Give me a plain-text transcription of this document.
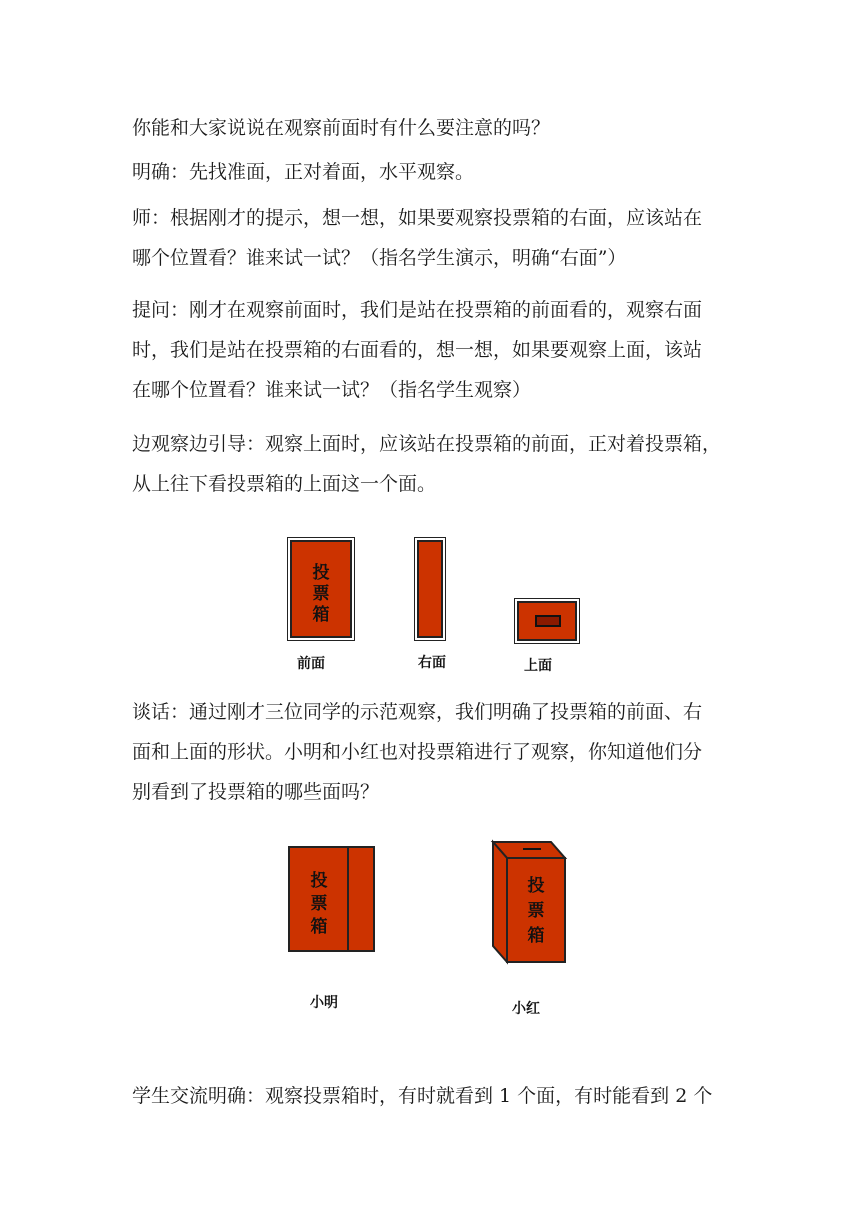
你能和大家说说在观察前面时有什么要注意的吗？
明确：先找准面，正对着面，水平观察。
师：根据刚才的提示，想一想，如果要观察投票箱的右面，应该站在
哪个位置看？谁来试一试？（指名学生演示，明确“右面”）
提问：刚才在观察前面时，我们是站在投票箱的前面看的，观察右面
时，我们是站在投票箱的右面看的，想一想，如果要观察上面，该站
在哪个位置看？谁来试一试？（指名学生观察）
边观察边引导：观察上面时，应该站在投票箱的前面，正对着投票箱，
从上往下看投票箱的上面这一个面。
投
票
箱
前面	右面	上面
谈话：通过刚才三位同学的示范观察，我们明确了投票箱的前面、右
面和上面的形状。小明和小红也对投票箱进行了观察，你知道他们分
别看到了投票箱的哪些面吗？
投
票
箱
投
票
箱
小明	小红
学生交流明确：观察投票箱时，有时就看到 1 个面，有时能看到 2 个
